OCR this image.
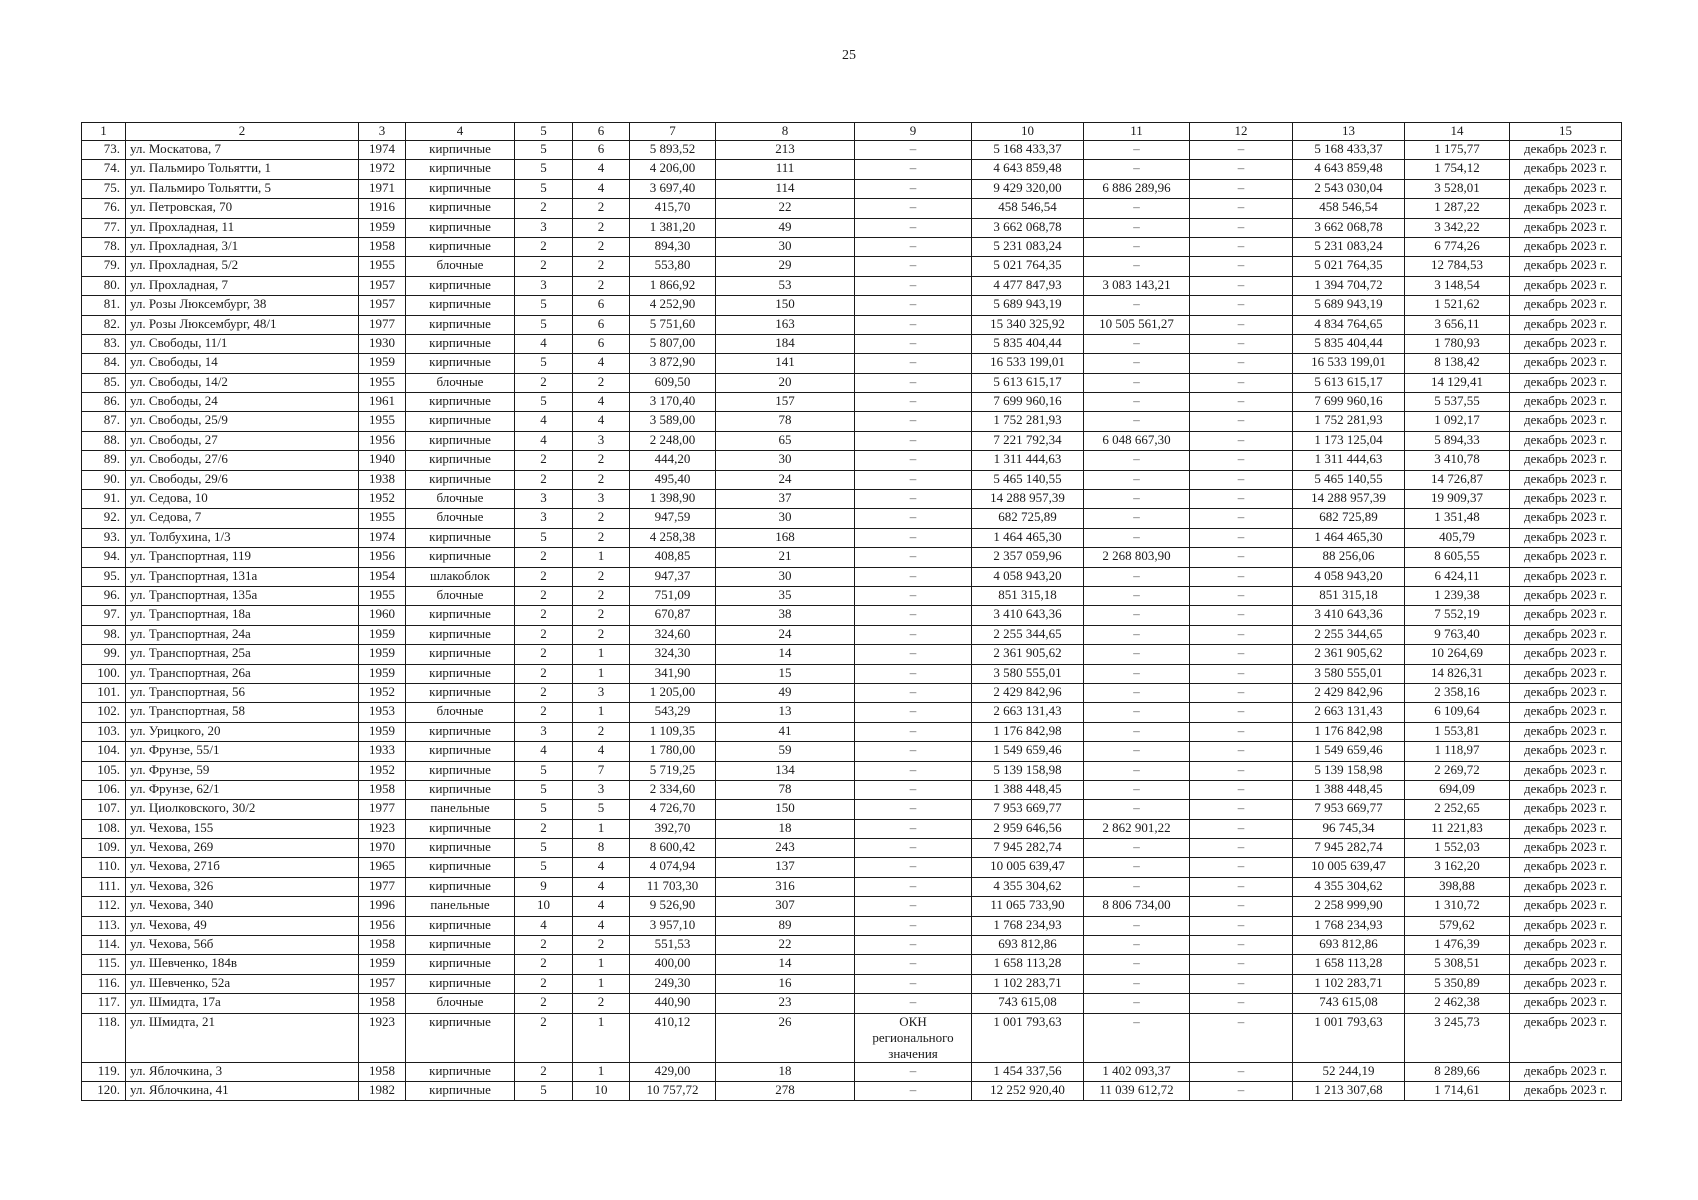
25
1	2	3	4	5	6	7	8	9	10	11	12	13	14	15
73.	ул. Москатова, 7	1974	кирпичные	5	6	5 893,52	213	–	5 168 433,37	–	–	5 168 433,37	1 175,77	декабрь 2023 г.
74.	ул. Пальмиро Тольятти, 1	1972	кирпичные	5	4	4 206,00	111	–	4 643 859,48	–	–	4 643 859,48	1 754,12	декабрь 2023 г.
75.	ул. Пальмиро Тольятти, 5	1971	кирпичные	5	4	3 697,40	114	–	9 429 320,00	6 886 289,96	–	2 543 030,04	3 528,01	декабрь 2023 г.
76.	ул. Петровская, 70	1916	кирпичные	2	2	415,70	22	–	458 546,54	–	–	458 546,54	1 287,22	декабрь 2023 г.
77.	ул. Прохладная, 11	1959	кирпичные	3	2	1 381,20	49	–	3 662 068,78	–	–	3 662 068,78	3 342,22	декабрь 2023 г.
78.	ул. Прохладная, 3/1	1958	кирпичные	2	2	894,30	30	–	5 231 083,24	–	–	5 231 083,24	6 774,26	декабрь 2023 г.
79.	ул. Прохладная, 5/2	1955	блочные	2	2	553,80	29	–	5 021 764,35	–	–	5 021 764,35	12 784,53	декабрь 2023 г.
80.	ул. Прохладная, 7	1957	кирпичные	3	2	1 866,92	53	–	4 477 847,93	3 083 143,21	–	1 394 704,72	3 148,54	декабрь 2023 г.
81.	ул. Розы Люксембург, 38	1957	кирпичные	5	6	4 252,90	150	–	5 689 943,19	–	–	5 689 943,19	1 521,62	декабрь 2023 г.
82.	ул. Розы Люксембург, 48/1	1977	кирпичные	5	6	5 751,60	163	–	15 340 325,92	10 505 561,27	–	4 834 764,65	3 656,11	декабрь 2023 г.
83.	ул. Свободы, 11/1	1930	кирпичные	4	6	5 807,00	184	–	5 835 404,44	–	–	5 835 404,44	1 780,93	декабрь 2023 г.
84.	ул. Свободы, 14	1959	кирпичные	5	4	3 872,90	141	–	16 533 199,01	–	–	16 533 199,01	8 138,42	декабрь 2023 г.
85.	ул. Свободы, 14/2	1955	блочные	2	2	609,50	20	–	5 613 615,17	–	–	5 613 615,17	14 129,41	декабрь 2023 г.
86.	ул. Свободы, 24	1961	кирпичные	5	4	3 170,40	157	–	7 699 960,16	–	–	7 699 960,16	5 537,55	декабрь 2023 г.
87.	ул. Свободы, 25/9	1955	кирпичные	4	4	3 589,00	78	–	1 752 281,93	–	–	1 752 281,93	1 092,17	декабрь 2023 г.
88.	ул. Свободы, 27	1956	кирпичные	4	3	2 248,00	65	–	7 221 792,34	6 048 667,30	–	1 173 125,04	5 894,33	декабрь 2023 г.
89.	ул. Свободы, 27/6	1940	кирпичные	2	2	444,20	30	–	1 311 444,63	–	–	1 311 444,63	3 410,78	декабрь 2023 г.
90.	ул. Свободы, 29/6	1938	кирпичные	2	2	495,40	24	–	5 465 140,55	–	–	5 465 140,55	14 726,87	декабрь 2023 г.
91.	ул. Седова, 10	1952	блочные	3	3	1 398,90	37	–	14 288 957,39	–	–	14 288 957,39	19 909,37	декабрь 2023 г.
92.	ул. Седова, 7	1955	блочные	3	2	947,59	30	–	682 725,89	–	–	682 725,89	1 351,48	декабрь 2023 г.
93.	ул. Толбухина, 1/3	1974	кирпичные	5	2	4 258,38	168	–	1 464 465,30	–	–	1 464 465,30	405,79	декабрь 2023 г.
94.	ул. Транспортная, 119	1956	кирпичные	2	1	408,85	21	–	2 357 059,96	2 268 803,90	–	88 256,06	8 605,55	декабрь 2023 г.
95.	ул. Транспортная, 131а	1954	шлакоблок	2	2	947,37	30	–	4 058 943,20	–	–	4 058 943,20	6 424,11	декабрь 2023 г.
96.	ул. Транспортная, 135а	1955	блочные	2	2	751,09	35	–	851 315,18	–	–	851 315,18	1 239,38	декабрь 2023 г.
97.	ул. Транспортная, 18а	1960	кирпичные	2	2	670,87	38	–	3 410 643,36	–	–	3 410 643,36	7 552,19	декабрь 2023 г.
98.	ул. Транспортная, 24а	1959	кирпичные	2	2	324,60	24	–	2 255 344,65	–	–	2 255 344,65	9 763,40	декабрь 2023 г.
99.	ул. Транспортная, 25а	1959	кирпичные	2	1	324,30	14	–	2 361 905,62	–	–	2 361 905,62	10 264,69	декабрь 2023 г.
100.	ул. Транспортная, 26а	1959	кирпичные	2	1	341,90	15	–	3 580 555,01	–	–	3 580 555,01	14 826,31	декабрь 2023 г.
101.	ул. Транспортная, 56	1952	кирпичные	2	3	1 205,00	49	–	2 429 842,96	–	–	2 429 842,96	2 358,16	декабрь 2023 г.
102.	ул. Транспортная, 58	1953	блочные	2	1	543,29	13	–	2 663 131,43	–	–	2 663 131,43	6 109,64	декабрь 2023 г.
103.	ул. Урицкого, 20	1959	кирпичные	3	2	1 109,35	41	–	1 176 842,98	–	–	1 176 842,98	1 553,81	декабрь 2023 г.
104.	ул. Фрунзе, 55/1	1933	кирпичные	4	4	1 780,00	59	–	1 549 659,46	–	–	1 549 659,46	1 118,97	декабрь 2023 г.
105.	ул. Фрунзе, 59	1952	кирпичные	5	7	5 719,25	134	–	5 139 158,98	–	–	5 139 158,98	2 269,72	декабрь 2023 г.
106.	ул. Фрунзе, 62/1	1958	кирпичные	5	3	2 334,60	78	–	1 388 448,45	–	–	1 388 448,45	694,09	декабрь 2023 г.
107.	ул. Циолковского, 30/2	1977	панельные	5	5	4 726,70	150	–	7 953 669,77	–	–	7 953 669,77	2 252,65	декабрь 2023 г.
108.	ул. Чехова, 155	1923	кирпичные	2	1	392,70	18	–	2 959 646,56	2 862 901,22	–	96 745,34	11 221,83	декабрь 2023 г.
109.	ул. Чехова, 269	1970	кирпичные	5	8	8 600,42	243	–	7 945 282,74	–	–	7 945 282,74	1 552,03	декабрь 2023 г.
110.	ул. Чехова, 271б	1965	кирпичные	5	4	4 074,94	137	–	10 005 639,47	–	–	10 005 639,47	3 162,20	декабрь 2023 г.
111.	ул. Чехова, 326	1977	кирпичные	9	4	11 703,30	316	–	4 355 304,62	–	–	4 355 304,62	398,88	декабрь 2023 г.
112.	ул. Чехова, 340	1996	панельные	10	4	9 526,90	307	–	11 065 733,90	8 806 734,00	–	2 258 999,90	1 310,72	декабрь 2023 г.
113.	ул. Чехова, 49	1956	кирпичные	4	4	3 957,10	89	–	1 768 234,93	–	–	1 768 234,93	579,62	декабрь 2023 г.
114.	ул. Чехова, 56б	1958	кирпичные	2	2	551,53	22	–	693 812,86	–	–	693 812,86	1 476,39	декабрь 2023 г.
115.	ул. Шевченко, 184в	1959	кирпичные	2	1	400,00	14	–	1 658 113,28	–	–	1 658 113,28	5 308,51	декабрь 2023 г.
116.	ул. Шевченко, 52а	1957	кирпичные	2	1	249,30	16	–	1 102 283,71	–	–	1 102 283,71	5 350,89	декабрь 2023 г.
117.	ул. Шмидта, 17а	1958	блочные	2	2	440,90	23	–	743 615,08	–	–	743 615,08	2 462,38	декабрь 2023 г.
118.	ул. Шмидта, 21	1923	кирпичные	2	1	410,12	26	ОКН регионального значения	1 001 793,63	–	–	1 001 793,63	3 245,73	декабрь 2023 г.
119.	ул. Яблочкина, 3	1958	кирпичные	2	1	429,00	18	–	1 454 337,56	1 402 093,37	–	52 244,19	8 289,66	декабрь 2023 г.
120.	ул. Яблочкина, 41	1982	кирпичные	5	10	10 757,72	278	–	12 252 920,40	11 039 612,72	–	1 213 307,68	1 714,61	декабрь 2023 г.
